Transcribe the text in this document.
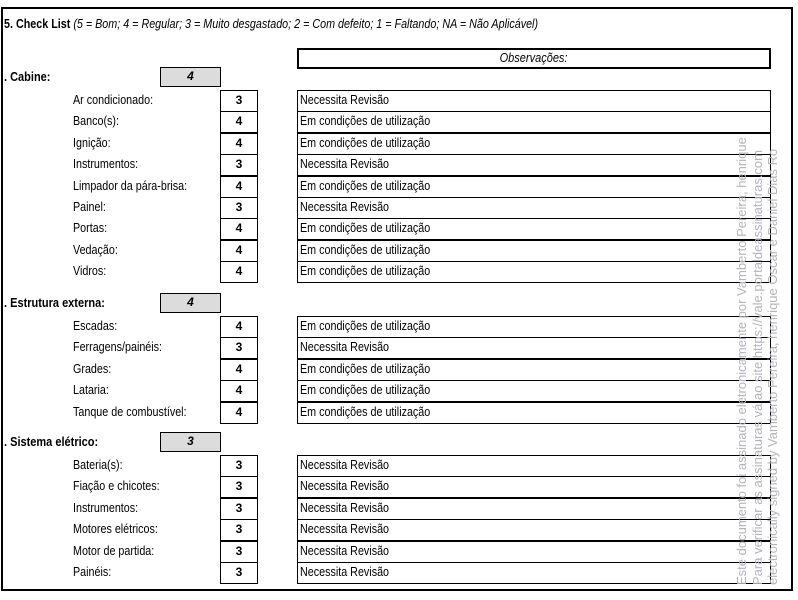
5. Check List (5 = Bom; 4 = Regular; 3 = Muito desgastado; 2 = Com defeito; 1 = Faltando; NA = Não Aplicável)
Observações:
. Cabine:	4
Ar condicionado:	3	Necessita Revisão
Banco(s):	4	Em condições de utilização
Ignição:	4	Em condições de utilização
Instrumentos:	3	Necessita Revisão
Limpador da pára-brisa:	4	Em condições de utilização
Painel:	3	Necessita Revisão
Portas:	4	Em condições de utilização
Vedação:	4	Em condições de utilização
Vidros:	4	Em condições de utilização
. Estrutura externa:	4
Escadas:	4	Em condições de utilização
Ferragens/painéis:	3	Necessita Revisão
Grades:	4	Em condições de utilização
Lataria:	4	Em condições de utilização
Tanque de combustível:	4	Em condições de utilização
. Sistema elétrico:	3
Bateria(s):	3	Necessita Revisão
Fiação e chicotes:	3	Necessita Revisão
Instrumentos:	3	Necessita Revisão
Motores elétricos:	3	Necessita Revisão
Motor de partida:	3	Necessita Revisão
Painéis:	3	Necessita Revisão	Este documento foi assinado eletronicamente por Vamberto Pereira, henrique Para verificar as assinaturas vá ao site https://vale.portaldeassinaturas.com electronically signed by Vamberto Pereira, henrique Oscar e Daniel Dias Ro
